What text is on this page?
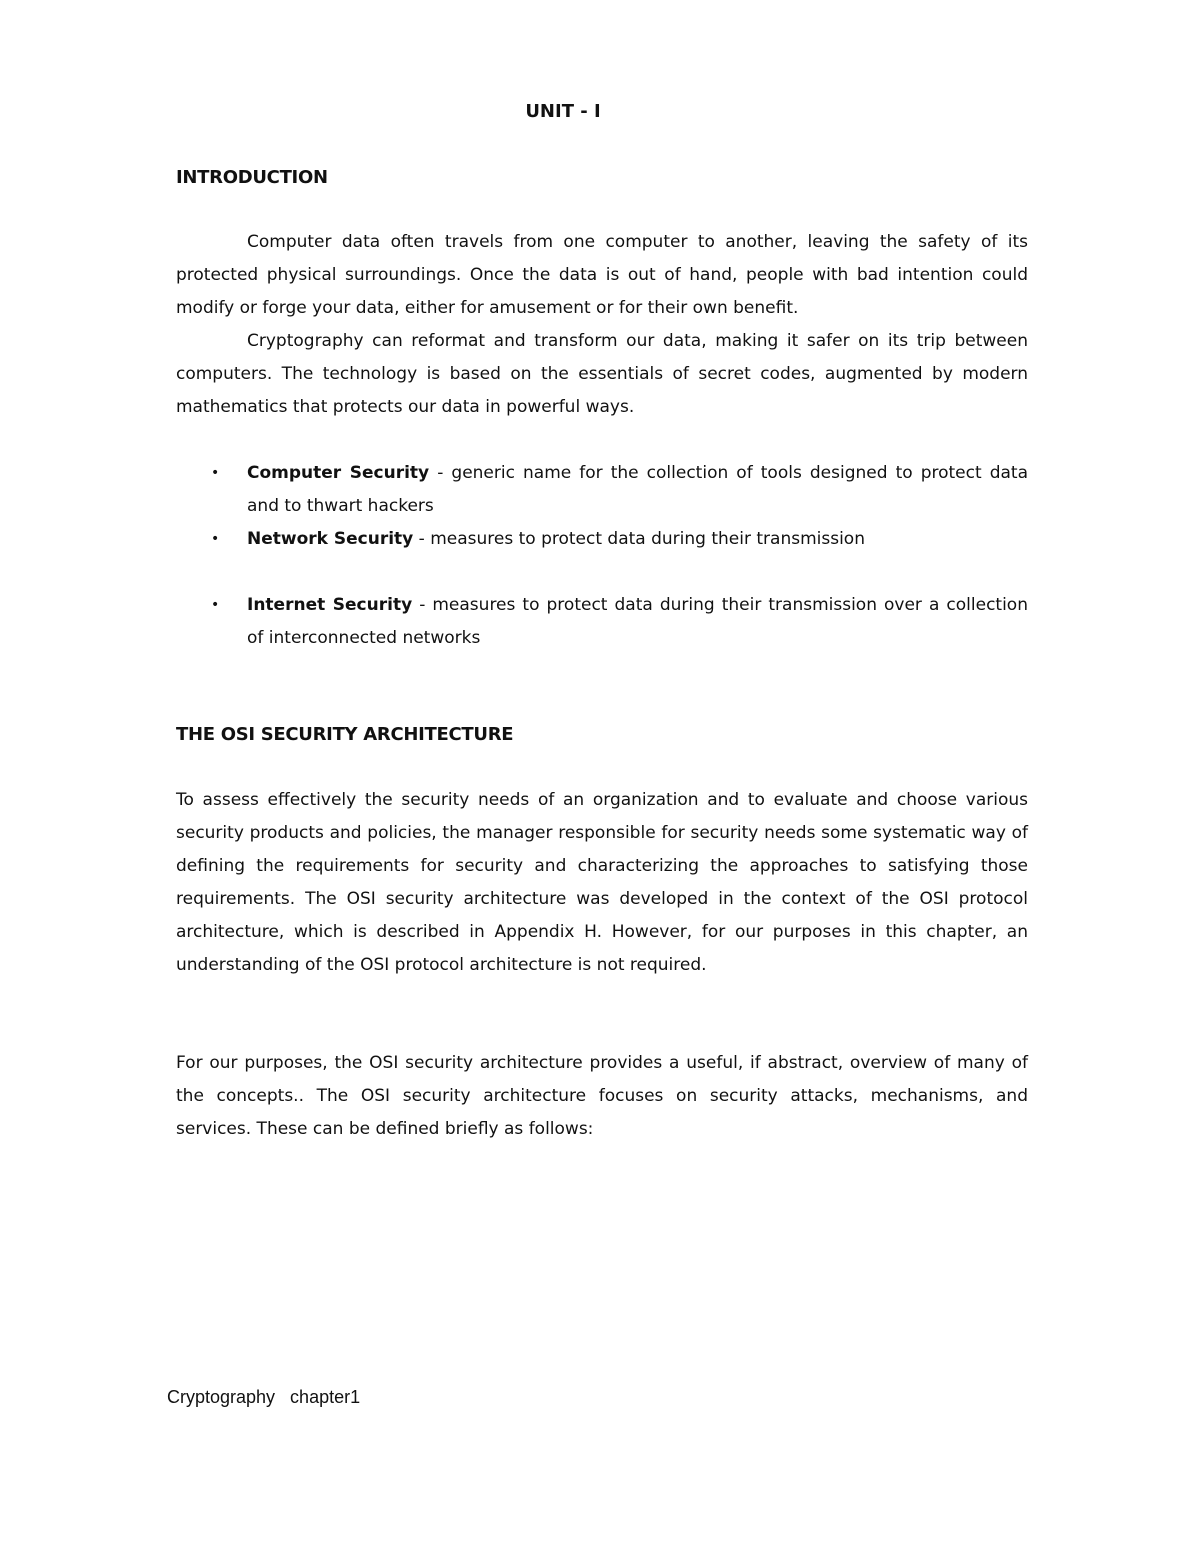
UNIT - I
INTRODUCTION

Computer data often travels from one computer to another, leaving the safety of its protected physical surroundings. Once the data is out of hand, people with bad intention could modify or forge your data, either for amusement or for their own benefit.

Cryptography can reformat and transform our data, making it safer on its trip between computers. The technology is based on the essentials of secret codes, augmented by modern mathematics that protects our data in powerful ways.

• Computer Security - generic name for the collection of tools designed to protect data and to thwart hackers
• Network Security - measures to protect data during their transmission
• Internet Security - measures to protect data during their transmission over a collection of interconnected networks
THE OSI SECURITY ARCHITECTURE

To assess effectively the security needs of an organization and to evaluate and choose various security products and policies, the manager responsible for security needs some systematic way of defining the requirements for security and characterizing the approaches to satisfying those requirements. The OSI security architecture was developed in the context of the OSI protocol architecture, which is described in Appendix H. However, for our purposes in this chapter, an understanding of the OSI protocol architecture is not required.

For our purposes, the OSI security architecture provides a useful, if abstract, overview of many of the concepts.. The OSI security architecture focuses on security attacks, mechanisms, and services. These can be defined briefly as follows:

Cryptography   chapter1
